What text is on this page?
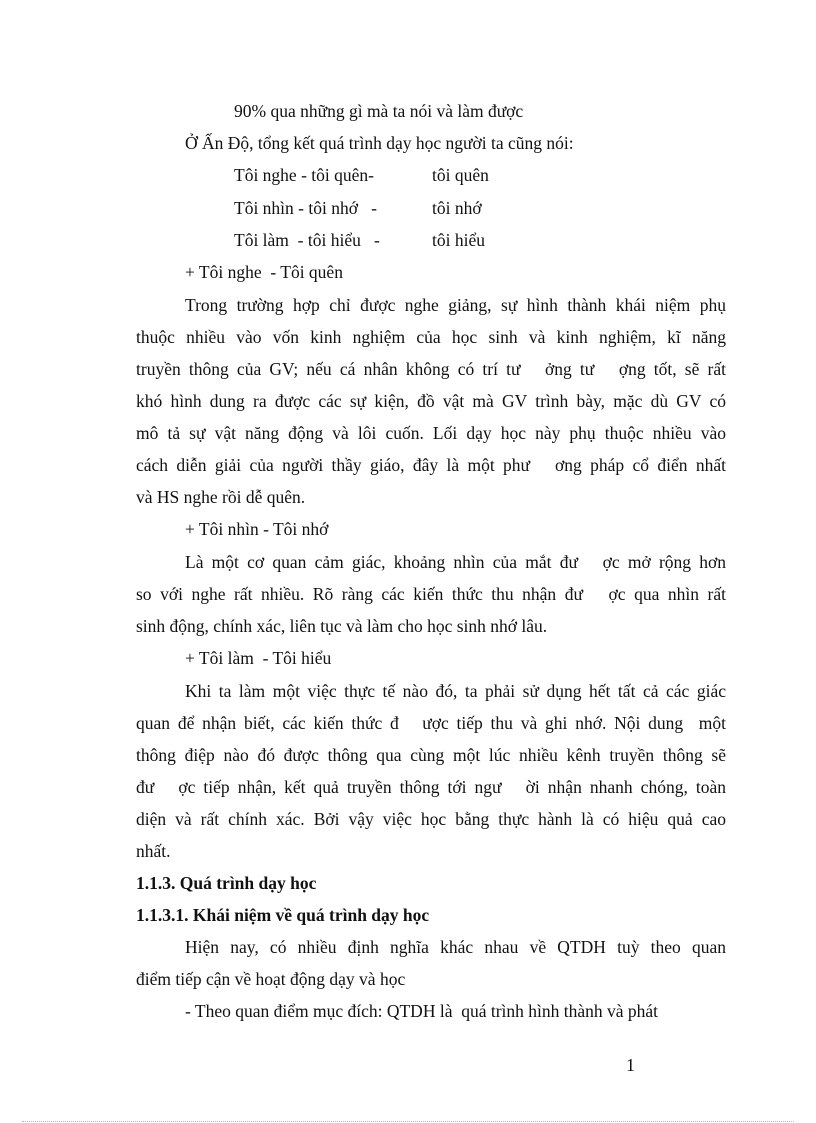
90% qua những gì mà ta nói và làm được
Ở Ấn Độ, tổng kết quá trình dạy học người ta cũng nói:
Tôi nghe - tôi quên-	tôi quên
Tôi nhìn - tôi nhớ   -	tôi nhớ
Tôi làm  - tôi hiểu   -	tôi hiểu
+ Tôi nghe  - Tôi quên
Trong trường hợp chỉ được nghe giảng, sự hình thành khái niệm phụ
thuộc nhiều vào vốn kinh nghiệm của học sinh và kinh nghiệm, kĩ năng
truyền thông của GV; nếu cá nhân không có trí tư   ởng tư   ợng tốt, sẽ rất
khó hình dung ra được các sự kiện, đồ vật mà GV trình bày, mặc dù GV có
mô tả sự vật năng động và lôi cuốn. Lối dạy học này phụ thuộc nhiều vào
cách diễn giải của người thầy giáo, đây là một phư   ơng pháp cổ điển nhất
và HS nghe rồi dễ quên.
+ Tôi nhìn - Tôi nhớ
Là một cơ quan cảm giác, khoảng nhìn của mắt đư   ợc mở rộng hơn
so với nghe rất nhiều. Rõ ràng các kiến thức thu nhận đư   ợc qua nhìn rất
sinh động, chính xác, liên tục và làm cho học sinh nhớ lâu.
+ Tôi làm  - Tôi hiểu
Khi ta làm một việc thực tế nào đó, ta phải sử dụng hết tất cả các giác
quan để nhận biết, các kiến thức đ   ược tiếp thu và ghi nhớ. Nội dung  một
thông điệp nào đó được thông qua cùng một lúc nhiều kênh truyền thông sẽ
đư   ợc tiếp nhận, kết quả truyền thông tới ngư   ời nhận nhanh chóng, toàn
diện và rất chính xác. Bởi vậy việc học bằng thực hành là có hiệu quả cao
nhất.
1.1.3. Quá trình dạy học
1.1.3.1. Khái niệm về quá trình dạy học
Hiện nay, có nhiều định nghĩa khác nhau về QTDH tuỳ theo quan
điểm tiếp cận về hoạt động dạy và học
- Theo quan điểm mục đích: QTDH là  quá trình hình thành và phát
1
